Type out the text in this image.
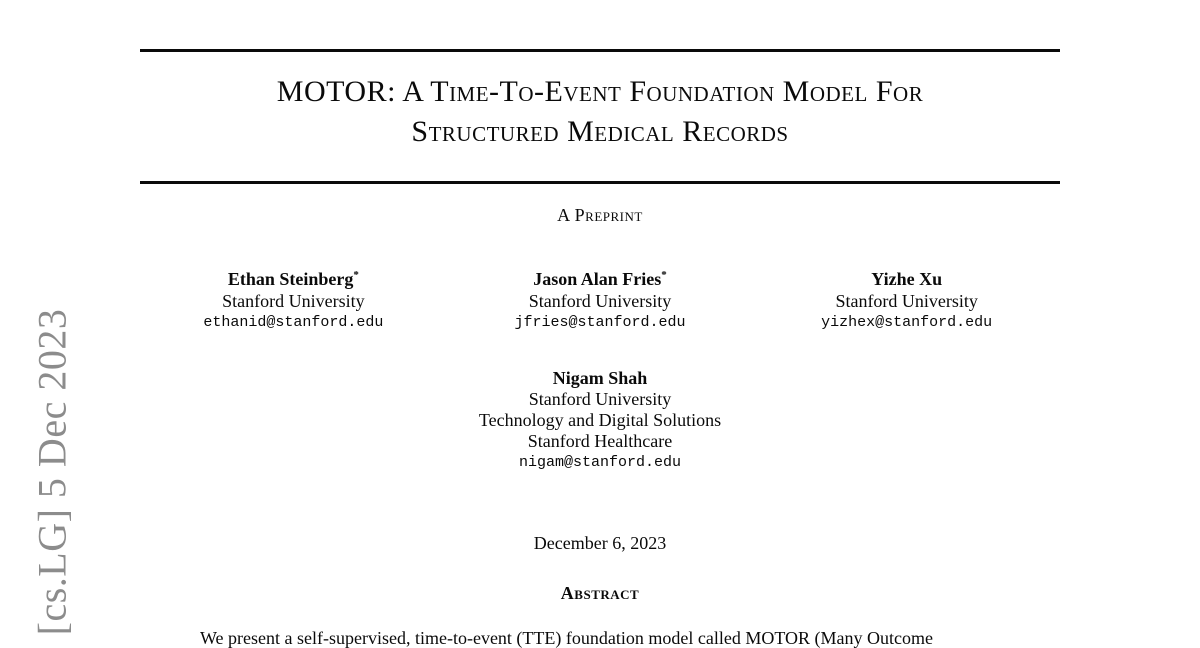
[cs.LG] 5 Dec 2023
MOTOR: A Time-To-Event Foundation Model For
Structured Medical Records
A Preprint
Ethan Steinberg*
Stanford University
ethanid@stanford.edu
Jason Alan Fries*
Stanford University
jfries@stanford.edu
Yizhe Xu
Stanford University
yizhex@stanford.edu
Nigam Shah
Stanford University
Technology and Digital Solutions
Stanford Healthcare
nigam@stanford.edu
December 6, 2023
Abstract
We present a self-supervised, time-to-event (TTE) foundation model called MOTOR (Many Outcome
